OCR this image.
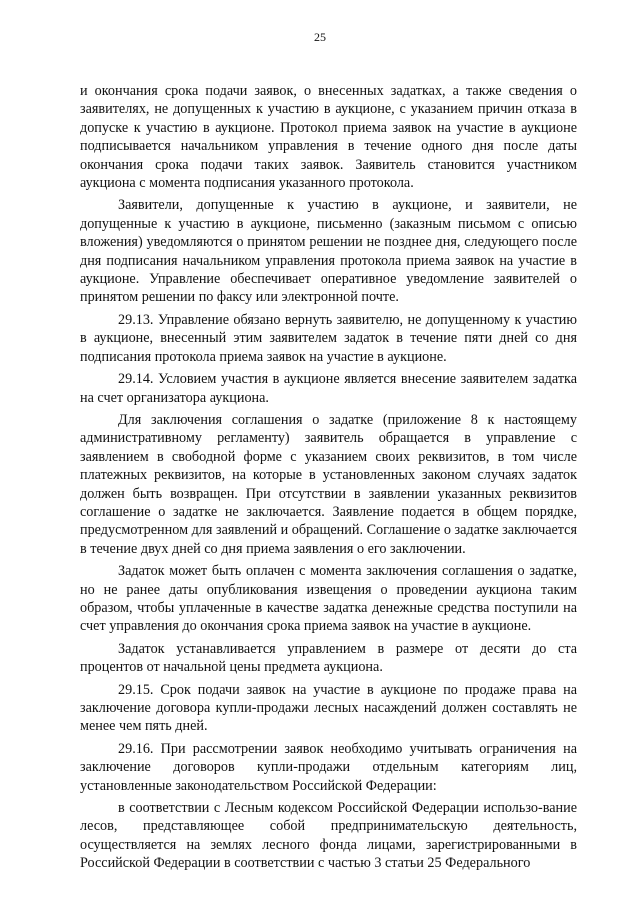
25

и окончания срока подачи заявок, о внесенных задатках, а также сведения о заявителях, не допущенных к участию в аукционе, с указанием причин отказа в допуске к участию в аукционе. Протокол приема заявок на участие в аукционе подписывается начальником управления в течение одного дня после даты окончания срока подачи таких заявок. Заявитель становится участником аукциона с момента подписания указанного протокола.

Заявители, допущенные к участию в аукционе, и заявители, не допущенные к участию в аукционе, письменно (заказным письмом с описью вложения) уведомляются о принятом решении не позднее дня, следующего после дня подписания начальником управления протокола приема заявок на участие в аукционе. Управление обеспечивает оперативное уведомление заявителей о принятом решении по факсу или электронной почте.

29.13. Управление обязано вернуть заявителю, не допущенному к участию в аукционе, внесенный этим заявителем задаток в течение пяти дней со дня подписания протокола приема заявок на участие в аукционе.

29.14. Условием участия в аукционе является внесение заявителем задатка на счет организатора аукциона.

Для заключения соглашения о задатке (приложение 8 к настоящему административному регламенту) заявитель обращается в управление с заявлением в свободной форме с указанием своих реквизитов, в том числе платежных реквизитов, на которые в установленных законом случаях задаток должен быть возвращен. При отсутствии в заявлении указанных реквизитов соглашение о задатке не заключается. Заявление подается в общем порядке, предусмотренном для заявлений и обращений. Соглашение о задатке заключается в течение двух дней со дня приема заявления о его заключении.

Задаток может быть оплачен с момента заключения соглашения о задатке, но не ранее даты опубликования извещения о проведении аукциона таким образом, чтобы уплаченные в качестве задатка денежные средства поступили на счет управления до окончания срока приема заявок на участие в аукционе.

Задаток устанавливается управлением в размере от десяти до ста процентов от начальной цены предмета аукциона.

29.15. Срок подачи заявок на участие в аукционе по продаже права на заключение договора купли-продажи лесных насаждений должен составлять не менее чем пять дней.

29.16. При рассмотрении заявок необходимо учитывать ограничения на заключение договоров купли-продажи отдельным категориям лиц, установленные законодательством Российской Федерации:

в соответствии с Лесным кодексом Российской Федерации использо-вание лесов, представляющее собой предпринимательскую деятельность, осуществляется на землях лесного фонда лицами, зарегистрированными в Российской Федерации в соответствии с частью 3 статьи 25 Федерального
